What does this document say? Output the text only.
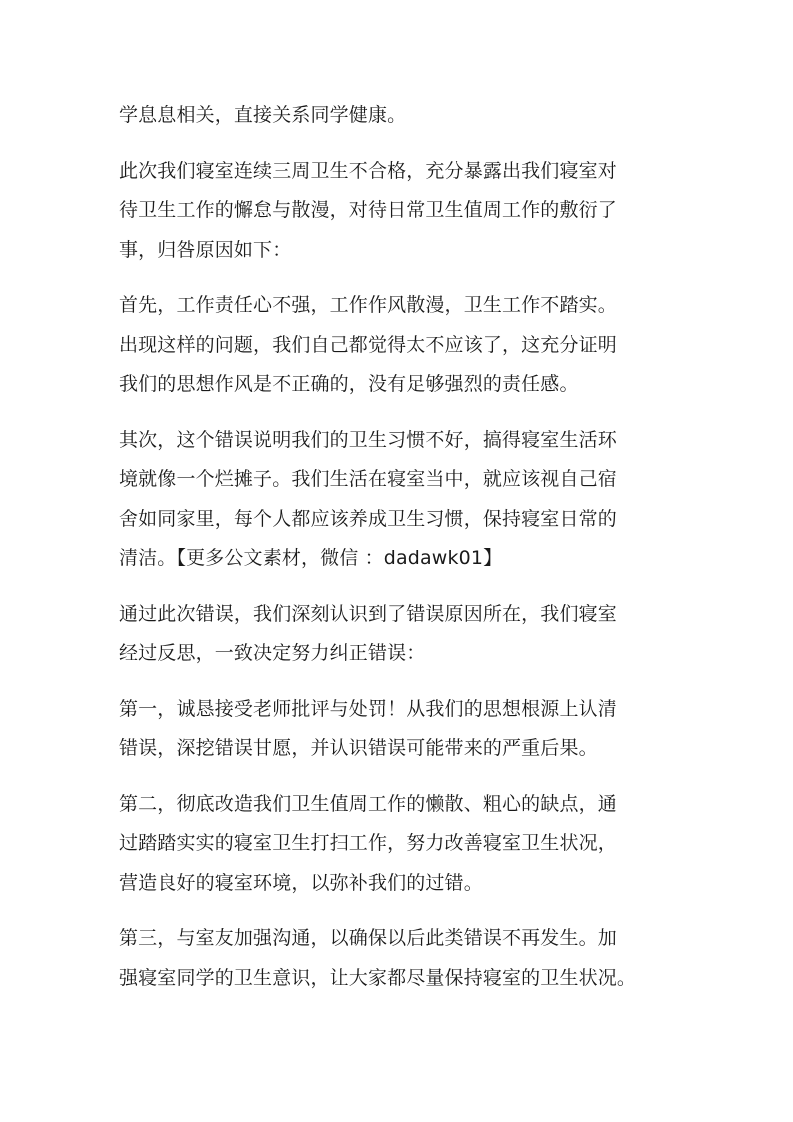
学息息相关，直接关系同学健康。

此次我们寝室连续三周卫生不合格，充分暴露出我们寝室对
待卫生工作的懈怠与散漫，对待日常卫生值周工作的敷衍了
事，归咎原因如下：

首先，工作责任心不强，工作作风散漫，卫生工作不踏实。
出现这样的问题，我们自己都觉得太不应该了，这充分证明
我们的思想作风是不正确的，没有足够强烈的责任感。

其次，这个错误说明我们的卫生习惯不好，搞得寝室生活环
境就像一个烂摊子。我们生活在寝室当中，就应该视自己宿
舍如同家里，每个人都应该养成卫生习惯，保持寝室日常的
清洁。【更多公文素材，微信 ：dadawk01】

通过此次错误，我们深刻认识到了错误原因所在，我们寝室
经过反思，一致决定努力纠正错误：

第一，诚恳接受老师批评与处罚！从我们的思想根源上认清
错误，深挖错误甘愿，并认识错误可能带来的严重后果。

第二，彻底改造我们卫生值周工作的懒散、粗心的缺点，通
过踏踏实实的寝室卫生打扫工作，努力改善寝室卫生状况，
营造良好的寝室环境，以弥补我们的过错。

第三，与室友加强沟通，以确保以后此类错误不再发生。加
强寝室同学的卫生意识，让大家都尽量保持寝室的卫生状况。
